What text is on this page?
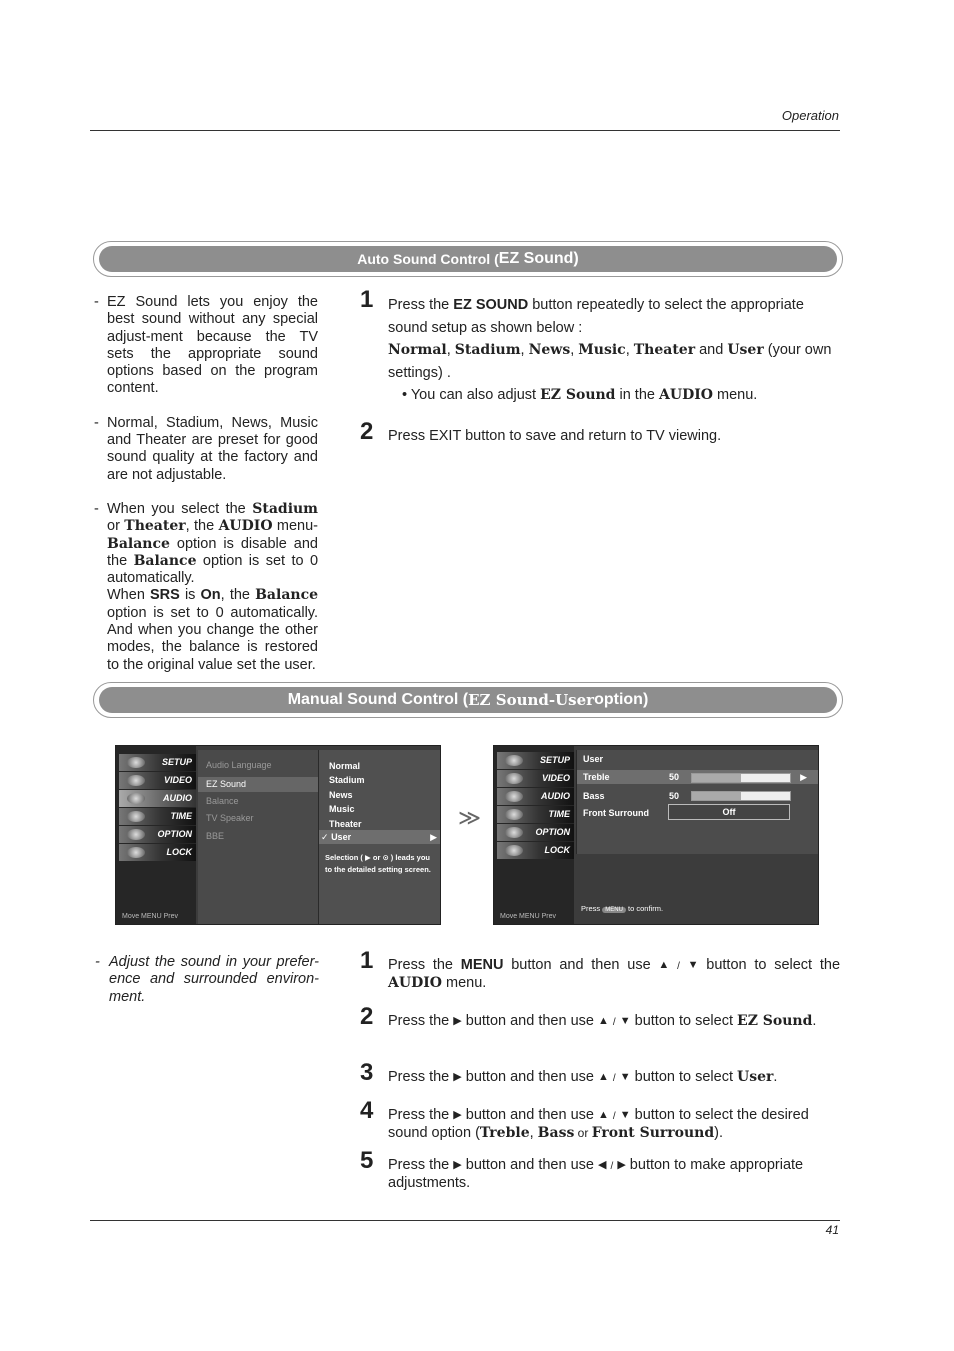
Operation
Auto Sound Control ( EZ Sound)
- EZ Sound lets you enjoy the best sound without any special adjust-ment because the TV sets the appropriate sound options based on the program content.
- Normal, Stadium, News, Music and Theater are preset for good sound quality at the factory and are not adjustable.
- When you select the Stadium or Theater, the AUDIO menu-Balance option is disable and the Balance option is set to 0 automatically.
When SRS is On, the Balance option is set to 0 automatically. And when you change the other modes, the balance is restored to the original value set the user.
1 Press the EZ SOUND button repeatedly to select the appropriate sound setup as shown below :
Normal, Stadium, News, Music, Theater and User (your own settings) .
• You can also adjust EZ Sound in the AUDIO menu.
2 Press EXIT button to save and return to TV viewing.
Manual Sound Control ( EZ Sound-User option)
SETUP
VIDEO
AUDIO
TIME
OPTION
LOCK
Move MENU Prev
Audio Language
EZ Sound
Balance
TV Speaker
BBE
Normal
Stadium
News
Music
Theater
✓ User	▶
Selection ( ▶ or ⊙ ) leads you to the detailed setting screen.
≫
SETUP
VIDEO
AUDIO
TIME
OPTION
LOCK
Move MENU Prev
User
Treble	50	▶
Bass	50
Front Surround	Off
Press MENU to confirm.
- Adjust the sound in your prefer-ence and surrounded environ-ment.
1 Press the MENU button and then use ▲ / ▼ button to select the AUDIO menu.
2 Press the ▶ button and then use ▲ / ▼ button to select EZ Sound.
3 Press the ▶ button and then use ▲ / ▼ button to select User.
4 Press the ▶ button and then use ▲ / ▼ button to select the desired sound option (Treble, Bass or Front Surround).
5 Press the ▶ button and then use ◀ / ▶ button to make appropriate adjustments.
41
